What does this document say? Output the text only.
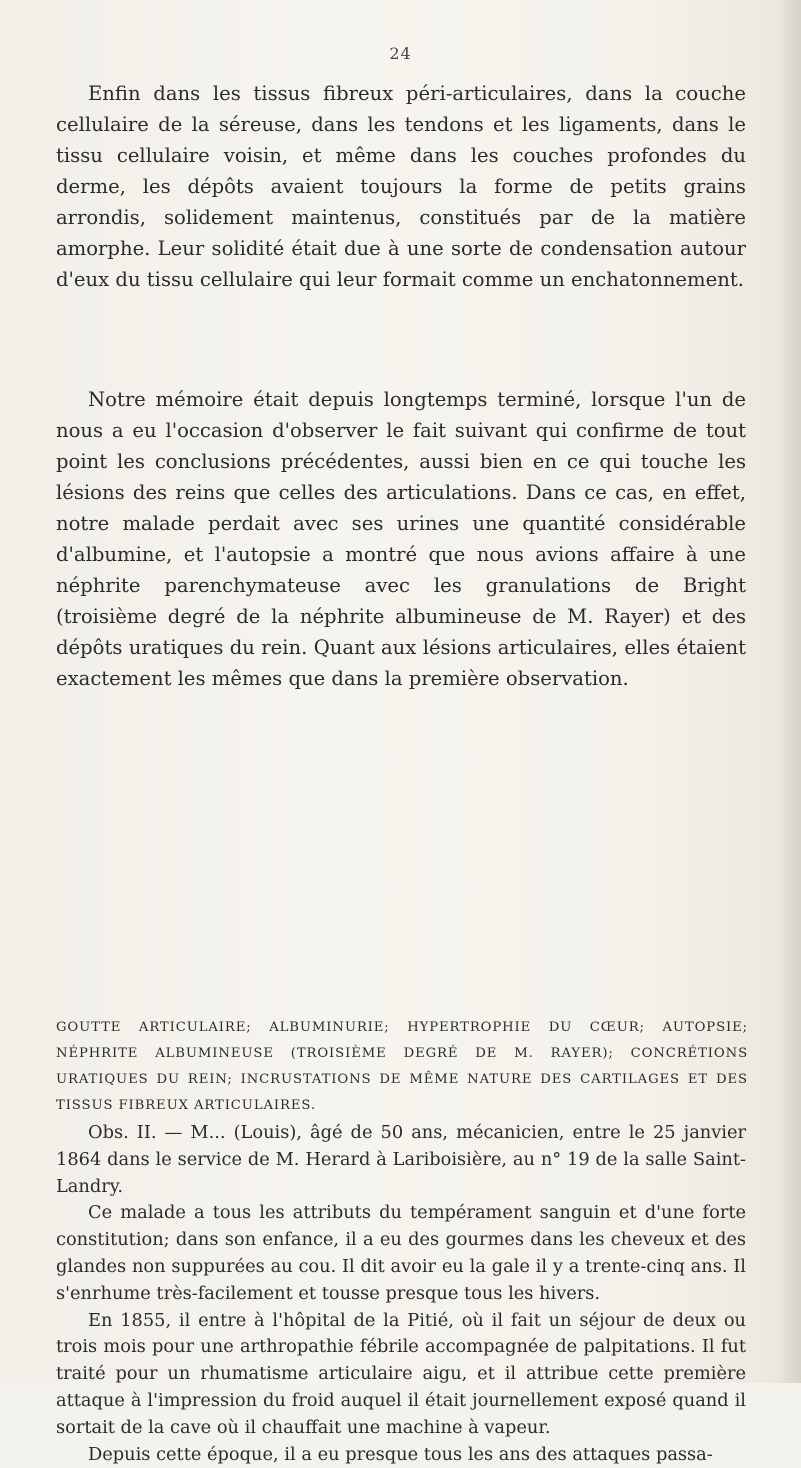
24

Enfin dans les tissus fibreux péri-articulaires, dans la couche cellulaire de la séreuse, dans les tendons et les ligaments, dans le tissu cellulaire voisin, et même dans les couches profondes du derme, les dépôts avaient toujours la forme de petits grains arrondis, solidement maintenus, constitués par de la matière amorphe. Leur solidité était due à une sorte de condensation autour d'eux du tissu cellulaire qui leur formait comme un enchatonnement.

Notre mémoire était depuis longtemps terminé, lorsque l'un de nous a eu l'occasion d'observer le fait suivant qui confirme de tout point les conclusions précédentes, aussi bien en ce qui touche les lésions des reins que celles des articulations. Dans ce cas, en effet, notre malade perdait avec ses urines une quantité considérable d'albumine, et l'autopsie a montré que nous avions affaire à une néphrite parenchymateuse avec les granulations de Bright (troisième degré de la néphrite albumineuse de M. Rayer) et des dépôts uratiques du rein. Quant aux lésions articulaires, elles étaient exactement les mêmes que dans la première observation.

GOUTTE ARTICULAIRE; ALBUMINURIE; HYPERTROPHIE DU CŒUR; AUTOPSIE; NÉPHRITE ALBUMINEUSE (TROISIÈME DEGRÉ DE M. RAYER); CONCRÉTIONS URATIQUES DU REIN; INCRUSTATIONS DE MÊME NATURE DES CARTILAGES ET DES TISSUS FIBREUX ARTICULAIRES.

Obs. II. — M... (Louis), âgé de 50 ans, mécanicien, entre le 25 janvier 1864 dans le service de M. Herard à Lariboisière, au n° 19 de la salle Saint-Landry.

Ce malade a tous les attributs du tempérament sanguin et d'une forte constitution; dans son enfance, il a eu des gourmes dans les cheveux et des glandes non suppurées au cou. Il dit avoir eu la gale il y a trente-cinq ans. Il s'enrhume très-facilement et tousse presque tous les hivers.

En 1855, il entre à l'hôpital de la Pitié, où il fait un séjour de deux ou trois mois pour une arthropathie fébrile accompagnée de palpitations. Il fut traité pour un rhumatisme articulaire aigu, et il attribue cette première attaque à l'impression du froid auquel il était journellement exposé quand il sortait de la cave où il chauffait une machine à vapeur.

Depuis cette époque, il a eu presque tous les ans des attaques passa-
